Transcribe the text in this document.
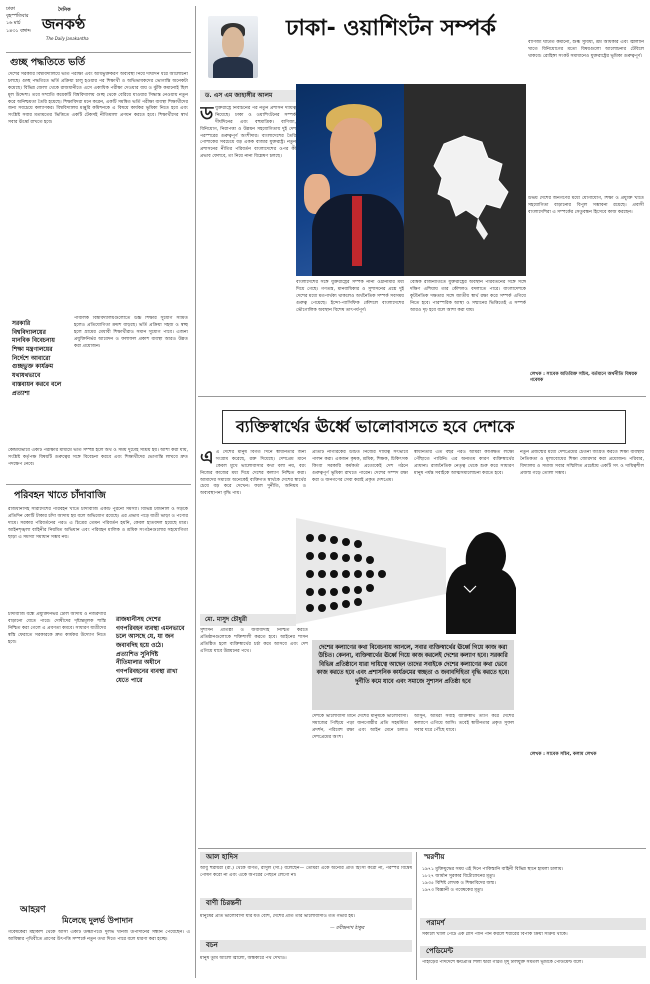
ঢাকা
বৃহস্পতিবার
১৬ মার্চ
১৪৩১ বঙ্গাব্দ
দৈনিক
জনকণ্ঠ
The Daily Janakantha
গুচ্ছ পদ্ধতিতে ভর্তি
দেশের সরকারি বিশ্ববিদ্যালয়ে ভর্তি পরীক্ষা এবং অধিভুক্তকরণ অব্যবস্থা নিয়ে দীর্ঘদিন ধরে আলোচনা চলছে। গুচ্ছ পদ্ধতিতে ভর্তি প্রক্রিয়া চালু হওয়ার পর শিক্ষার্থী ও অভিভাবকদের ভোগান্তি অনেকটা কমেছে। বিভিন্ন জেলা থেকে রাজধানীতে এসে একাধিক পরীক্ষা দেওয়ার ব্যয় ও ঝুঁকি কমানোই ছিল মূল উদ্দেশ্য। তবে সম্প্রতি কয়েকটি বিশ্ববিদ্যালয় গুচ্ছ থেকে বেরিয়ে যাওয়ার সিদ্ধান্ত নেওয়ায় নতুন করে অনিশ্চয়তা তৈরি হয়েছে। শিক্ষাবিদরা মনে করেন, একটি সমন্বিত ভর্তি পরীক্ষা ব্যবস্থা শিক্ষার্থীদের জন্য সবচেয়ে কল্যাণকর। বিশ্ববিদ্যালয় মঞ্জুরি কমিশনকে এ বিষয়ে কার্যকর ভূমিকা নিতে হবে এবং সংশ্লিষ্ট সবার মতামতের ভিত্তিতে একটি টেকসই নীতিমালা প্রণয়ন করতে হবে। শিক্ষার্থীদের স্বার্থ সবার ঊর্ধ্বে রাখতে হবে।
সরকারি বিশ্ববিদ্যালয়ের মানবিক বিবেচনায় শিক্ষা মন্ত্রণালয়ের নির্দেশে আবারো গুচ্ছভুক্ত কার্যক্রম যথাযথভাবে বাস্তবায়ন করবে বলে প্রত্যাশা
পাবলিক বিশ্ববিদ্যালয়গুলোতে উচ্চ শিক্ষার সুযোগ সীমিত হলেও প্রতিযোগিতা ক্রমশ বাড়ছে। ভর্তি প্রক্রিয়া সহজ ও স্বচ্ছ হলে গ্রামের মেধাবী শিক্ষার্থীরাও সমান সুযোগ পাবে। এজন্য প্রযুক্তিনির্ভর আবেদন ও ফলাফল প্রকাশ ব্যবস্থা আরও উন্নত করা প্রয়োজন।
কেন্দ্রীয়ভাবে একটি পরীক্ষার মাধ্যমে ভর্তি সম্পন্ন হলে অর্থ ও সময় দুটোই সাশ্রয় হয়। আশা করা যায়, সংশ্লিষ্ট কর্তৃপক্ষ বিষয়টি গুরুত্বের সঙ্গে বিবেচনা করবে এবং শিক্ষার্থীদের ভোগান্তি লাঘবে দ্রুত পদক্ষেপ নেবে।
পরিবহন খাতে চাঁদাবাজি
রাজধানীসহ সারাদেশের পরিবহন খাতে চাঁদাবাজি একটি পুরনো সমস্যা। বিভিন্ন টার্মিনাল ও সড়কে প্রতিদিন কোটি টাকার চাঁদা আদায় হয় বলে অভিযোগ রয়েছে। এর প্রভাব পড়ে যাত্রী ভাড়া ও পণ্যের দামে। সরকার পরিবর্তনের পরও এ চিত্রের তেমন পরিবর্তন হয়নি, কেবল হাতবদল হয়েছে মাত্র। আইনশৃঙ্খলা বাহিনীর নিয়মিত অভিযান এবং পরিবহন মালিক ও শ্রমিক সংগঠনগুলোর সহযোগিতা ছাড়া এ সমস্যা সমাধান সম্ভব নয়।
চাঁদাবাজি বন্ধে প্রযুক্তিনির্ভর টোল আদায় ও নজরদারি বাড়ানো যেতে পারে। দোষীদের দৃষ্টান্তমূলক শাস্তি নিশ্চিত করা গেলে এ প্রবণতা কমবে। সাধারণ যাত্রীদের স্বস্তি ফেরাতে সরকারকে দ্রুত কার্যকর উদ্যোগ নিতে হবে।
রাজধানীসহ দেশের গণপরিবহন ব্যবস্থা এমনভাবে চলে আসছে যে, যা জন জবাবদিহ হয়ে ওঠে। প্রত্যাশিত সুনির্দিষ্ট নীতিমালার অধীনে গণপরিবহনের ব্যবস্থা রাখা যেতে পারে
আহরণ
মিলেছে দুলর্ভ উপাদান
গবেষকেরা মহাকাশ থেকে আসা একটি উল্কাপিণ্ডে দুর্লভ খনিজ উপাদানের সন্ধান পেয়েছেন। এ আবিষ্কার পৃথিবীতে প্রাণের উৎপত্তি সম্পর্কে নতুন তথ্য দিতে পারে বলে ধারণা করা হচ্ছে।
ঢাকা- ওয়াশিংটন সম্পর্ক
ড. এস এম জাহাঙ্গীর আলম
ড যুক্তরাষ্ট্রে নির্বাচনের পর নতুন প্রশাসন দায়িত্ব নিয়েছে। ঢাকা ও ওয়াশিংটনের সম্পর্ক দীর্ঘদিনের এবং বহুমাত্রিক। বাণিজ্য, বিনিয়োগ, নিরাপত্তা ও উন্নয়ন সহযোগিতায় দুই দেশ পরস্পরের গুরুত্বপূর্ণ অংশীদার। বাংলাদেশের তৈরি পোশাকের সবচেয়ে বড় একক বাজার যুক্তরাষ্ট্র। নতুন প্রশাসনের নীতির পরিবর্তন বাংলাদেশের ওপর কী প্রভাব ফেলবে, তা নিয়ে নানা বিশ্লেষণ চলছে।
বাংলাদেশের সঙ্গে যুক্তরাষ্ট্রের সম্পর্ক নানা ওঠানামার মধ্য দিয়ে গেছে। গণতন্ত্র, মানবাধিকার ও সুশাসনের প্রশ্নে দুই দেশের মধ্যে মতপার্থক্য থাকলেও অর্থনৈতিক সম্পর্ক সবসময় গুরুত্ব পেয়েছে। ইন্দো-প্যাসিফিক কৌশলে বাংলাদেশের ভৌগোলিক অবস্থান বিশেষ তাৎপর্যপূর্ণ।
বৈশ্বিক রাজনীতিতে যুক্তরাষ্ট্রের অবস্থান পরিবর্তনের সঙ্গে সঙ্গে দক্ষিণ এশিয়ায় তার কৌশলও বদলাতে পারে। বাংলাদেশকে কূটনৈতিক দক্ষতার সঙ্গে জাতীয় স্বার্থ রক্ষা করে সম্পর্ক এগিয়ে নিতে হবে। পারস্পরিক আস্থা ও সম্মানের ভিত্তিতেই এ সম্পর্ক আরও দৃঢ় হবে বলে আশা করা যায়।
বাণিজ্য ঘাটতি কমানো, শুল্ক সুবিধা, শ্রম অধিকার এবং জ্বালানি খাতে বিনিয়োগের মতো বিষয়গুলো আলোচনার টেবিলে থাকবে। রোহিঙ্গা সংকট সমাধানেও যুক্তরাষ্ট্রের ভূমিকা গুরুত্বপূর্ণ।
উভয় দেশের জনগণের মধ্যে যোগাযোগ, শিক্ষা ও প্রযুক্তি খাতে সহযোগিতা বাড়ানোর বিপুল সম্ভাবনা রয়েছে। প্রবাসী বাংলাদেশিরা এ সম্পর্কের সেতুবন্ধন হিসেবে কাজ করছেন।
লেখক : সাবেক অতিরিক্ত সচিব, বর্তমানে অর্থনীতি বিষয়ক গবেষক
ব্যক্তিস্বার্থের ঊর্ধ্বে ভালোবাসতে হবে দেশকে
এ এ দেশের মানুষ বিগত দিনে স্বাধীনতার জন্য সংগ্রাম করেছে, রক্ত দিয়েছে। দেশপ্রেম মানে কেবল মুখে ভালোবাসার কথা বলা নয়, বরং নিজের কাজের মধ্য দিয়ে দেশের কল্যাণ নিশ্চিত করা। আমাদের সমাজে অনেকেই ব্যক্তিগত স্বার্থকে দেশের স্বার্থের চেয়ে বড় করে দেখেন। ফলে দুর্নীতি, অনিয়ম ও অব্যবস্থাপনা বৃদ্ধি পায়।
প্রতিটি নাগরিকের উচিত নিজের দায়িত্ব সৎভাবে পালন করা। একজন কৃষক, শ্রমিক, শিক্ষক, চিকিৎসক কিংবা সরকারি কর্মকর্তা প্রত্যেকেই দেশ গঠনে গুরুত্বপূর্ণ ভূমিকা রাখতে পারেন। দেশের সম্পদ রক্ষা করা ও জনগণের সেবা করাই প্রকৃত দেশপ্রেম।
স্বাধীনতার এত বছর পরও আমরা কাঙ্ক্ষিত লক্ষ্যে পৌঁছাতে পারিনি। এর অন্যতম কারণ ব্যক্তিস্বার্থের প্রাধান্য। রাজনৈতিক নেতৃত্ব থেকে শুরু করে সাধারণ মানুষ পর্যন্ত সবাইকে আত্মসমালোচনা করতে হবে।
নতুন প্রজন্মের মধ্যে দেশপ্রেমের চেতনা জাগ্রত করতে শিক্ষা ব্যবস্থায় নৈতিকতা ও মূল্যবোধের শিক্ষা জোরদার করা প্রয়োজন। পরিবার, বিদ্যালয় ও সমাজ সবার সম্মিলিত প্রচেষ্টায় একটি সৎ ও দায়িত্বশীল প্রজন্ম গড়ে তোলা সম্ভব।
মো. মাসুদ চৌধুরী
সুশাসন প্রতিষ্ঠা ও জবাবদিহি নিশ্চিত করতে প্রতিষ্ঠানগুলোকে শক্তিশালী করতে হবে। আইনের শাসন প্রতিষ্ঠিত হলে ব্যক্তিস্বার্থের চর্চা কমে আসবে এবং দেশ এগিয়ে যাবে উন্নয়নের পথে।
দেশের কল্যাণের কথা বিবেচনায় আনলে, সবার ব্যক্তিস্বার্থের ঊর্ধ্বে গিয়ে কাজ করা উচিত। কেননা, ব্যক্তিস্বার্থের ঊর্ধ্বে গিয়ে কাজ করলেই দেশের কল্যাণ হবে। সরকারি বিভিন্ন প্রতিষ্ঠানে যারা দায়িত্বে আছেন তাদের সবাইকে দেশের কল্যাণের কথা ভেবে কাজ করতে হবে এবং প্রশাসনিক কার্যক্রমের স্বচ্ছতা ও জবাবদিহিতা বৃদ্ধি করতে হবে। দুর্নীতি কমে যাবে এবং সমাজে সুশাসন প্রতিষ্ঠা হবে
দেশকে ভালোবাসা মানে দেশের মানুষকে ভালোবাসা। সমাজের পিছিয়ে পড়া জনগোষ্ঠীর প্রতি সহমর্মিতা প্রদর্শন, পরিবেশ রক্ষা এবং আইন মেনে চলাও দেশপ্রেমের অংশ।
আসুন, আমরা সবাই ব্যক্তিস্বার্থ ত্যাগ করে দেশের কল্যাণে এগিয়ে আসি। তবেই স্বাধীনতার প্রকৃত সুফল সবার ঘরে পৌঁছে যাবে।
লেখক : সাবেক সচিব, কলাম লেখক
আল হাদিস
আবু হুরায়রা (রা.) থেকে বর্ণিত, রাসুল (সা.) বলেছেন— তোমরা একে অন্যের প্রতি হিংসা করো না, পরস্পর বিদ্বেষ পোষণ করো না এবং একে অপরের পেছনে লেগো না।
বাণী চিরন্তনী
মানুষের প্রতি ভালোবাসা যার যত বেশি, দেশের প্রতি তার ভালোবাসাও তত গভীর হয়।
— রবীন্দ্রনাথ ঠাকুর
বচন
মানুষ তুমি আলো জ্বালো, অন্ধকারে পথ দেখাও।
স্মরণীয়
১৯৭১ মুক্তিযুদ্ধের সময় এই দিনে পাকিস্তানি বাহিনী বিভিন্ন স্থানে হামলা চালায়।
১৮২৭ জার্মান সুরকার বিটোফেনের মৃত্যু।
১৯৩৫ বিশিষ্ট লেখক ও শিক্ষাবিদের জন্ম।
১৯৭৩ বিজ্ঞানী ও গবেষকের মৃত্যু।
পরামর্শ
সকালে খালি পেটে এক গ্লাস পানি পান করলে শরীরের বিপাক ক্রিয়া সক্রিয় থাকে।
পেডিমেন্ট
পাহাড়ের পাদদেশে ক্ষয়প্রাপ্ত শিলা দ্বারা গঠিত মৃদু ঢালযুক্ত সমতল ভূমিকে পেডিমেন্ট বলে।
